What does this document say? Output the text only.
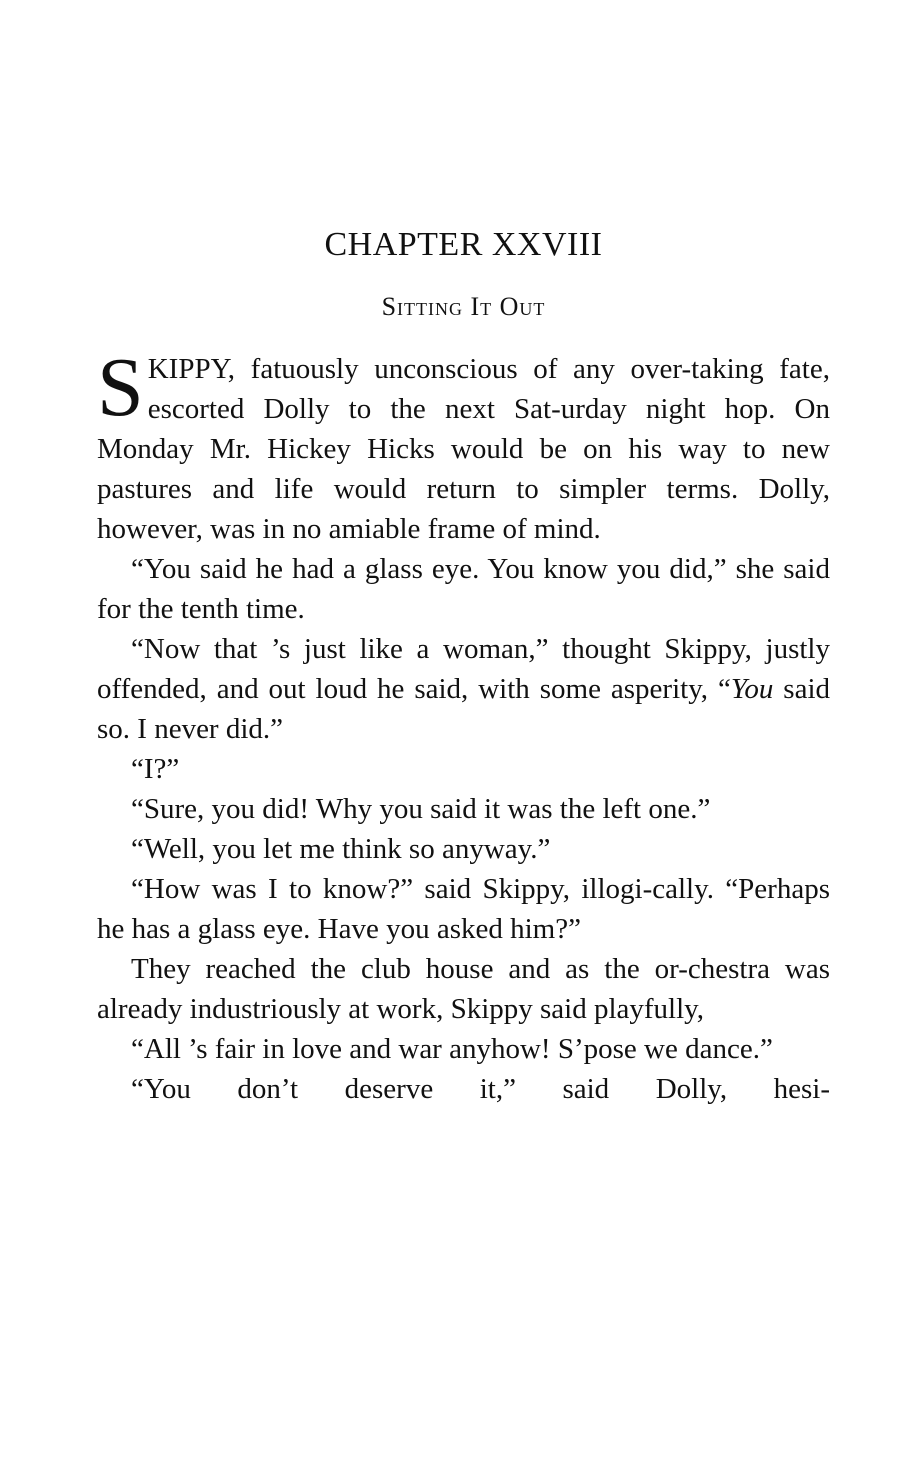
CHAPTER XXVIII
Sitting It Out

SKIPPY, fatuously unconscious of any over-taking fate, escorted Dolly to the next Sat-urday night hop. On Monday Mr. Hickey Hicks would be on his way to new pastures and life would return to simpler terms. Dolly, however, was in no amiable frame of mind.

“You said he had a glass eye. You know you did,” she said for the tenth time.

“Now that ’s just like a woman,” thought Skippy, justly offended, and out loud he said, with some asperity, “You said so. I never did.”

“I?”

“Sure, you did! Why you said it was the left one.”

“Well, you let me think so anyway.”

“How was I to know?” said Skippy, illogi-cally. “Perhaps he has a glass eye. Have you asked him?”

They reached the club house and as the or-chestra was already industriously at work, Skippy said playfully,

“All ’s fair in love and war anyhow! S’pose we dance.”

“You don’t deserve it,” said Dolly, hesi-
